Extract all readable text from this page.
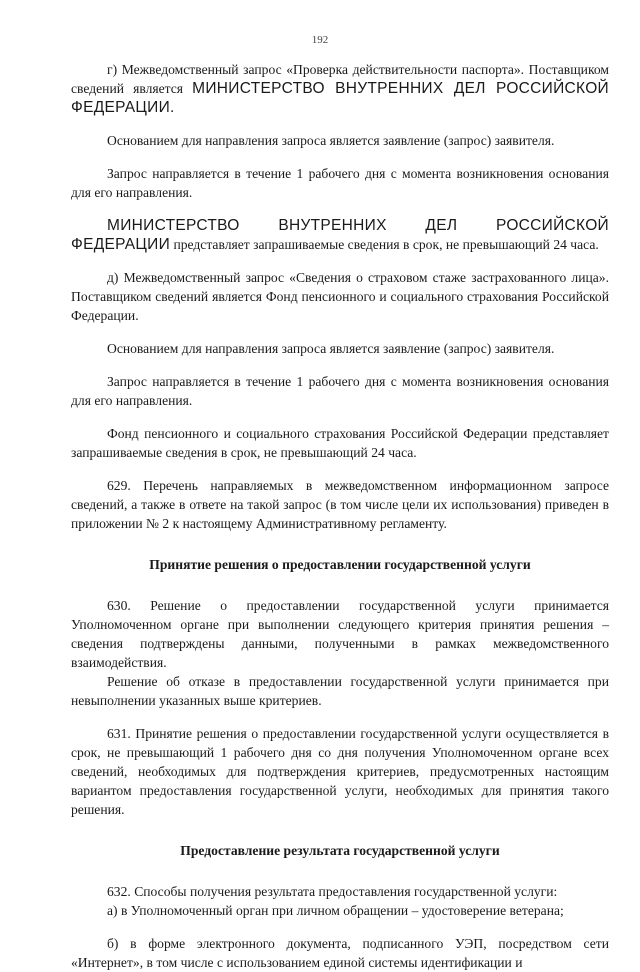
192

г) Межведомственный запрос «Проверка действительности паспорта». Поставщиком сведений является МИНИСТЕРСТВО ВНУТРЕННИХ ДЕЛ РОССИЙСКОЙ ФЕДЕРАЦИИ.

Основанием для направления запроса является заявление (запрос) заявителя.

Запрос направляется в течение 1 рабочего дня с момента возникновения основания для его направления.

МИНИСТЕРСТВО ВНУТРЕННИХ ДЕЛ РОССИЙСКОЙ ФЕДЕРАЦИИ представляет запрашиваемые сведения в срок, не превышающий 24 часа.

д) Межведомственный запрос «Сведения о страховом стаже застрахованного лица». Поставщиком сведений является Фонд пенсионного и социального страхования Российской Федерации.

Основанием для направления запроса является заявление (запрос) заявителя.

Запрос направляется в течение 1 рабочего дня с момента возникновения основания для его направления.

Фонд пенсионного и социального страхования Российской Федерации представляет запрашиваемые сведения в срок, не превышающий 24 часа.

629. Перечень направляемых в межведомственном информационном запросе сведений, а также в ответе на такой запрос (в том числе цели их использования) приведен в приложении № 2 к настоящему Административному регламенту.

Принятие решения о предоставлении государственной услуги

630. Решение о предоставлении государственной услуги принимается Уполномоченном органе при выполнении следующего критерия принятия решения – сведения подтверждены данными, полученными в рамках межведомственного взаимодействия.

Решение об отказе в предоставлении государственной услуги принимается при невыполнении указанных выше критериев.

631. Принятие решения о предоставлении государственной услуги осуществляется в срок, не превышающий 1 рабочего дня со дня получения Уполномоченном органе всех сведений, необходимых для подтверждения критериев, предусмотренных настоящим вариантом предоставления государственной услуги, необходимых для принятия такого решения.

Предоставление результата государственной услуги

632. Способы получения результата предоставления государственной услуги:

а) в Уполномоченный орган при личном обращении – удостоверение ветерана;

б) в форме электронного документа, подписанного УЭП, посредством сети «Интернет», в том числе с использованием единой системы идентификации и
